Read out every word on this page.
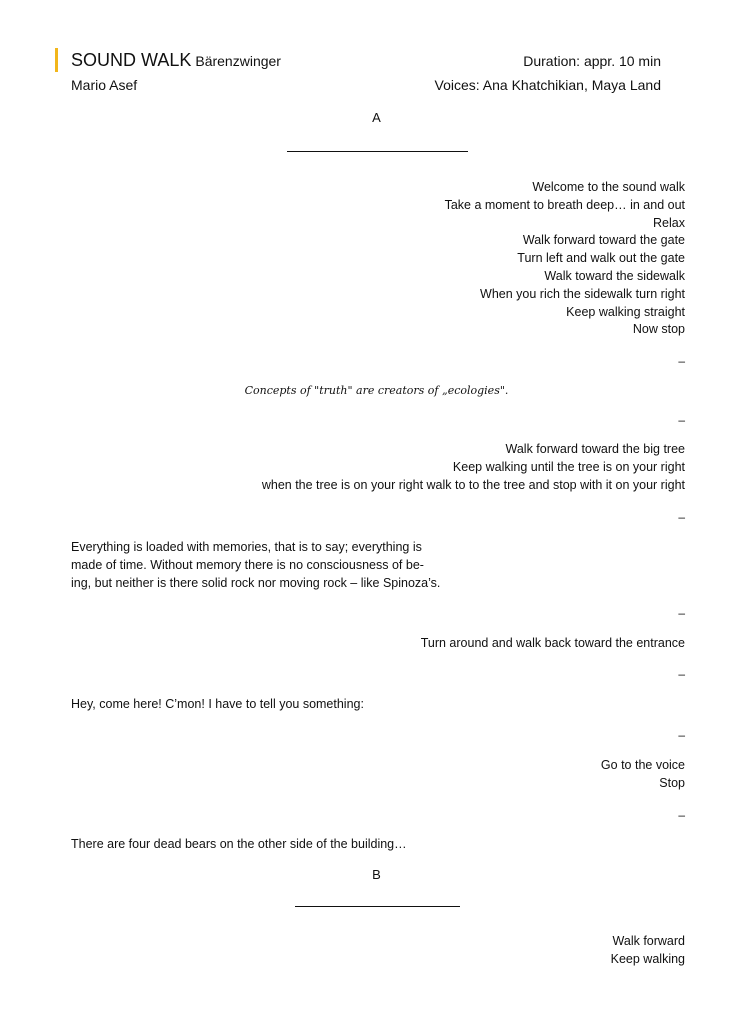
SOUND WALK Bärenzwinger
Mario Asef
Duration: appr. 10 min
Voices: Ana Khatchikian, Maya Land
A
Welcome to the sound walk
Take a moment to breath deep… in and out
Relax
Walk forward toward the gate
Turn left and walk out the gate
Walk toward the sidewalk
When you rich the sidewalk turn right
Keep walking straight
Now stop
–
Concepts of "truth" are creators of „ecologies".
–
Walk forward toward the big tree
Keep walking until the tree is on your right
when the tree is on your right walk to to the tree and stop with it on your right
–
Everything is loaded with memories, that is to say; everything is
made of time. Without memory there is no consciousness of be-
ing, but neither is there solid rock nor moving rock – like Spinoza’s.
–
Turn around and walk back toward the entrance
–
Hey, come here! C’mon! I have to tell you something:
–
Go to the voice
Stop
–
There are four dead bears on the other side of the building…
B
Walk forward
Keep walking
